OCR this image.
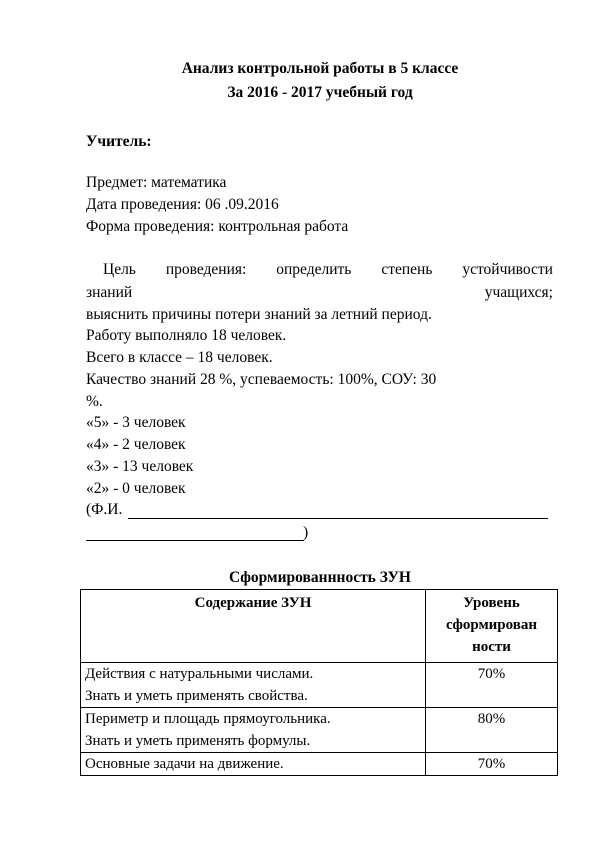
Анализ контрольной работы в 5 классе
За 2016 - 2017 учебный год
Учитель:
Предмет: математика
Дата проведения: 06 .09.2016
Форма проведения: контрольная работа
Цель проведения: определить степень устойчивости
знаний	учащихся;
выяснить причины потери знаний за летний период.
Работу выполняло 18 человек.
Всего в классе – 18 человек.
Качество знаний 28 %, успеваемость: 100%, СОУ: 30
%.
«5» - 3 человек
«4» - 2 человек
«3» - 13 человек
«2» - 0 человек
(Ф.И.
)
Сформированнность ЗУН
Содержание ЗУН	Уровень
сформирован
ности
Действия с натуральными числами.
Знать и уметь применять свойства.	70%
Периметр и площадь прямоугольника.
Знать и уметь применять формулы.	80%
Основные задачи на движение.	70%
